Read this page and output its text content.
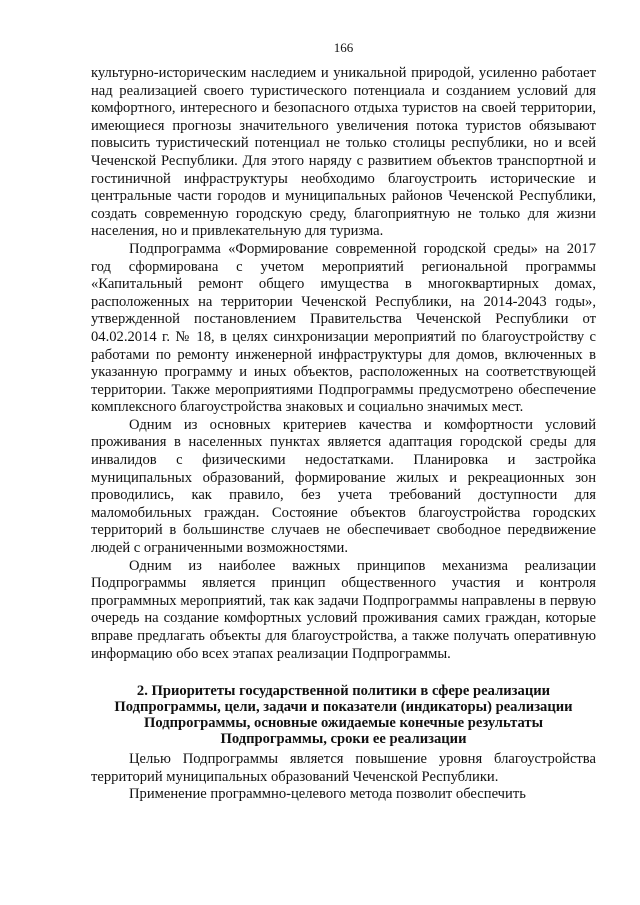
166

культурно-историческим наследием и уникальной природой, усиленно работает над реализацией своего туристического потенциала и созданием условий для комфортного, интересного и безопасного отдыха туристов на своей территории, имеющиеся прогнозы значительного увеличения потока туристов обязывают повысить туристический потенциал не только столицы республики, но и всей Чеченской Республики. Для этого наряду с развитием объектов транспортной и гостиничной инфраструктуры необходимо благоустроить исторические и центральные части городов и муниципальных районов Чеченской Республики, создать современную городскую среду, благоприятную не только для жизни населения, но и привлекательную для туризма.

Подпрограмма «Формирование современной городской среды» на 2017 год сформирована с учетом мероприятий региональной программы «Капитальный ремонт общего имущества в многоквартирных домах, расположенных на территории Чеченской Республики, на 2014-2043 годы», утвержденной постановлением Правительства Чеченской Республики от 04.02.2014 г. № 18, в целях синхронизации мероприятий по благоустройству с работами по ремонту инженерной инфраструктуры для домов, включенных в указанную программу и иных объектов, расположенных на соответствующей территории. Также мероприятиями Подпрограммы предусмотрено обеспечение комплексного благоустройства знаковых и социально значимых мест.

Одним из основных критериев качества и комфортности условий проживания в населенных пунктах является адаптация городской среды для инвалидов с физическими недостатками. Планировка и застройка муниципальных образований, формирование жилых и рекреационных зон проводились, как правило, без учета требований доступности для маломобильных граждан. Состояние объектов благоустройства городских территорий в большинстве случаев не обеспечивает свободное передвижение людей с ограниченными возможностями.

Одним из наиболее важных принципов механизма реализации Подпрограммы является принцип общественного участия и контроля программных мероприятий, так как задачи Подпрограммы направлены в первую очередь на создание комфортных условий проживания самих граждан, которые вправе предлагать объекты для благоустройства, а также получать оперативную информацию обо всех этапах реализации Подпрограммы.

2. Приоритеты государственной политики в сфере реализации Подпрограммы, цели, задачи и показатели (индикаторы) реализации Подпрограммы, основные ожидаемые конечные результаты Подпрограммы, сроки ее реализации

Целью Подпрограммы является повышение уровня благоустройства территорий муниципальных образований Чеченской Республики.

Применение программно-целевого метода позволит обеспечить
